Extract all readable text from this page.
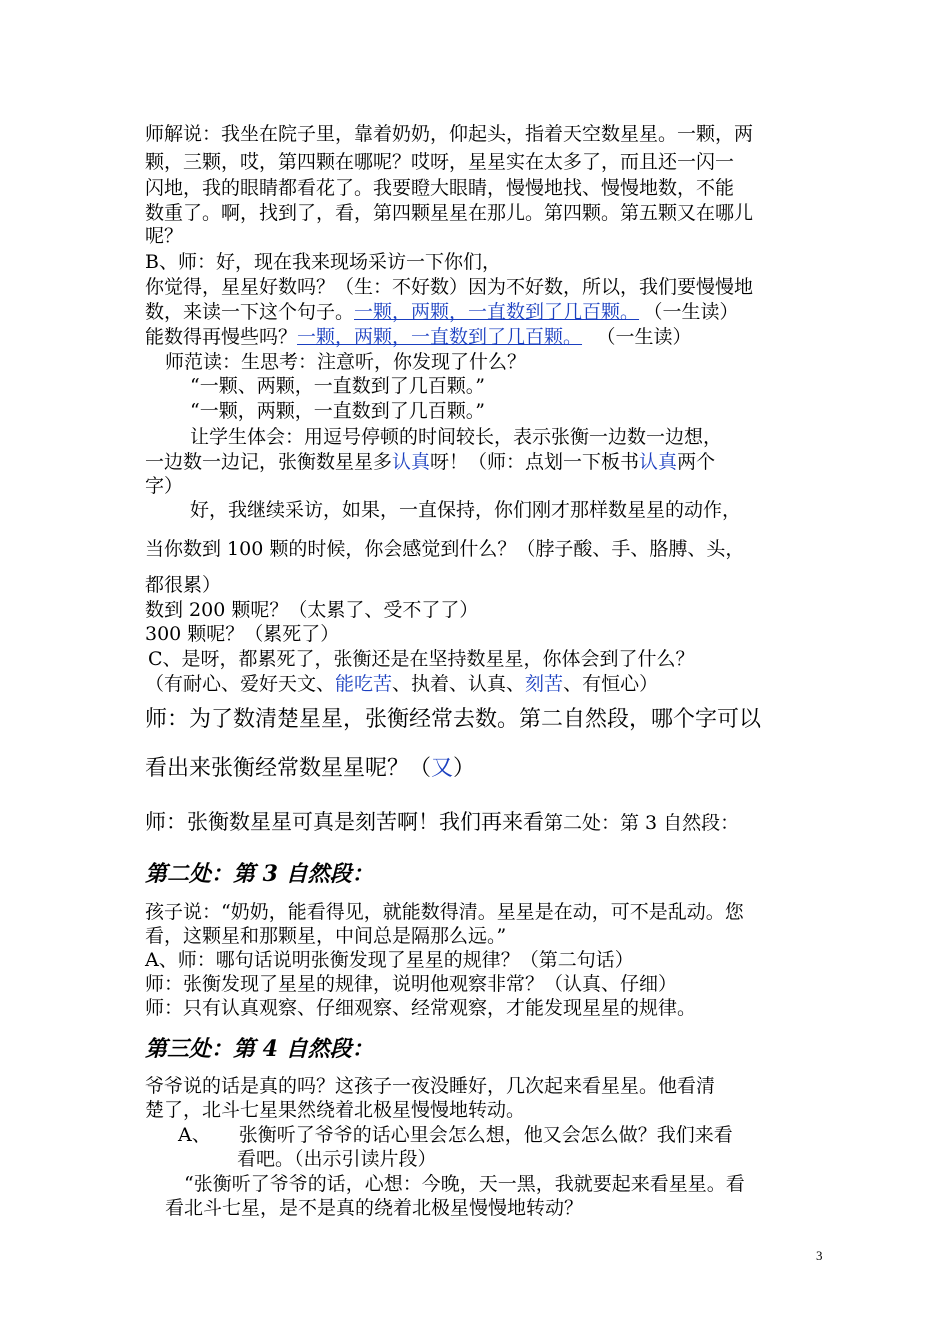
师解说：我坐在院子里，靠着奶奶，仰起头，指着天空数星星。一颗，两
颗，三颗，哎，第四颗在哪呢？哎呀，星星实在太多了，而且还一闪一
闪地，我的眼睛都看花了。我要瞪大眼睛，慢慢地找、慢慢地数，不能
数重了。啊，找到了，看，第四颗星星在那儿。第四颗。第五颗又在哪儿
呢？
B、师：好，现在我来现场采访一下你们，
你觉得，星星好数吗？（生：不好数）因为不好数，所以，我们要慢慢地
数，来读一下这个句子。一颗，两颗，一直数到了几百颗。 （一生读）
能数得再慢些吗？一颗，两颗，一直数到了几百颗。 （一生读）
师范读：生思考：注意听，你发现了什么？
“一颗、两颗，一直数到了几百颗。”
“一颗，两颗，一直数到了几百颗。”
让学生体会：用逗号停顿的时间较长，表示张衡一边数一边想，
一边数一边记，张衡数星星多认真呀！（师：点划一下板书认真两个
字）
好，我继续采访，如果，一直保持，你们刚才那样数星星的动作，
当你数到 100 颗的时候，你会感觉到什么？（脖子酸、手、胳膊、头，
都很累）
数到 200 颗呢？（太累了、受不了了）
300 颗呢？（累死了）
C、是呀，都累死了，张衡还是在坚持数星星，你体会到了什么？
（有耐心、爱好天文、能吃苦、执着、认真、刻苦、有恒心）
师：为了数清楚星星，张衡经常去数。第二自然段，哪个字可以
看出来张衡经常数星星呢？（又）
师：张衡数星星可真是刻苦啊！我们再来看第二处：第 3 自然段：
第二处：第 3 自然段：
孩子说：“奶奶，能看得见，就能数得清。星星是在动，可不是乱动。您
看，这颗星和那颗星，中间总是隔那么远。”
A、师：哪句话说明张衡发现了星星的规律？（第二句话）
师：张衡发现了星星的规律，说明他观察非常？（认真、仔细）
师：只有认真观察、仔细观察、经常观察，才能发现星星的规律。
第三处：第 4 自然段：
爷爷说的话是真的吗？这孩子一夜没睡好，几次起来看星星。他看清
楚了，北斗七星果然绕着北极星慢慢地转动。
A、 张衡听了爷爷的话心里会怎么想，他又会怎么做？我们来看
看吧。（出示引读片段）
“张衡听了爷爷的话，心想：今晚，天一黑，我就要起来看星星。看
看北斗七星，是不是真的绕着北极星慢慢地转动？
3
